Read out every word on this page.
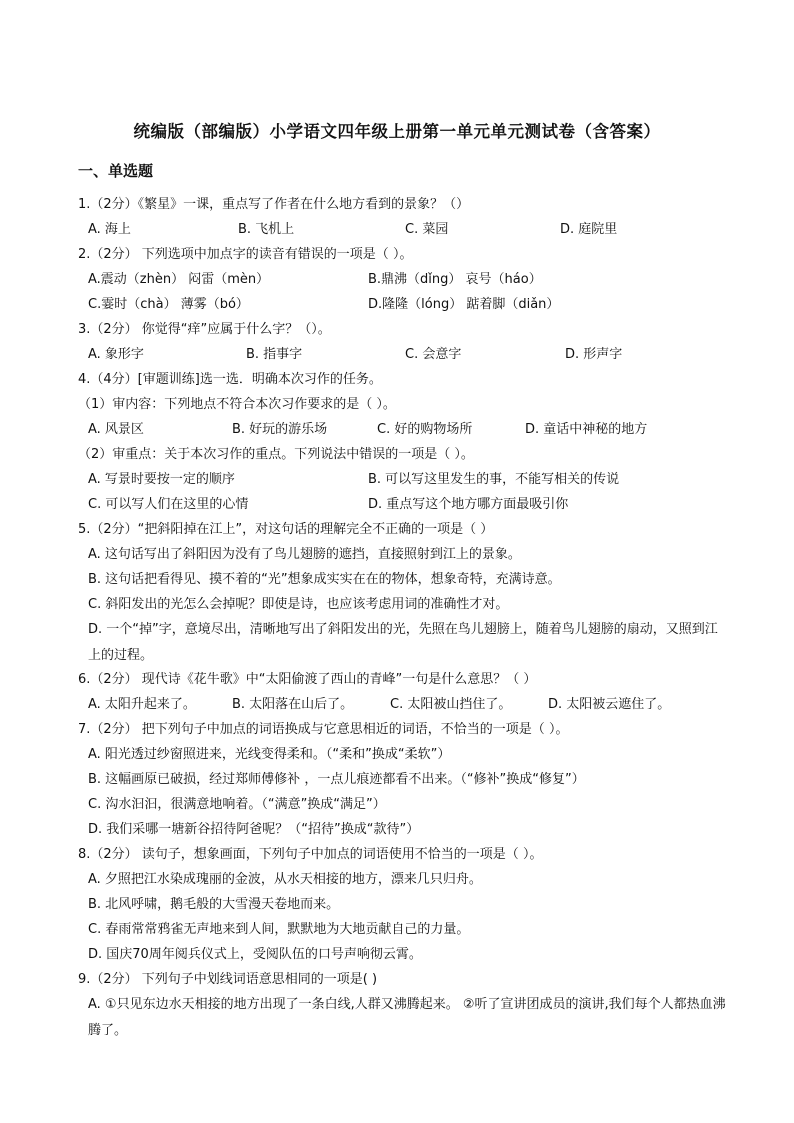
统编版（部编版）小学语文四年级上册第一单元单元测试卷（含答案）
一、单选题
1.（2分）《繁星》一课，重点写了作者在什么地方看到的景象？（）
A. 海上	B. 飞机上	C. 菜园	D. 庭院里
2.（2分） 下列选项中加点字的读音有错误的一项是（ ）。
A.震动（zhèn） 闷雷（mèn）	B.鼎沸（dǐng） 哀号（háo）
C.霎时（chà） 薄雾（bó）	D.隆隆（lóng） 踮着脚（diǎn）
3.（2分） 你觉得“痒”应属于什么字？（）。
A. 象形字	B. 指事字	C. 会意字	D. 形声字
4.（4分）[审题训练]选一选．明确本次习作的任务。
（1）审内容：下列地点不符合本次习作要求的是（ ）。
A. 风景区	B. 好玩的游乐场	C. 好的购物场所	D. 童话中神秘的地方
（2）审重点：关于本次习作的重点。下列说法中错误的一项是（ ）。
A. 写景时要按一定的顺序	B. 可以写这里发生的事，不能写相关的传说
C. 可以写人们在这里的心情	D. 重点写这个地方哪方面最吸引你
5.（2分）“把斜阳掉在江上”，对这句话的理解完全不正确的一项是（ ）
A. 这句话写出了斜阳因为没有了鸟儿翅膀的遮挡，直接照射到江上的景象。
B. 这句话把看得见、摸不着的“光”想象成实实在在的物体，想象奇特，充满诗意。
C. 斜阳发出的光怎么会掉呢？即使是诗，也应该考虑用词的准确性才对。
D. 一个“掉”字，意境尽出，清晰地写出了斜阳发出的光，先照在鸟儿翅膀上，随着鸟儿翅膀的扇动，又照到江上的过程。
6.（2分） 现代诗《花牛歌》中“太阳偷渡了西山的青峰”一句是什么意思？（ ）
A. 太阳升起来了。	B. 太阳落在山后了。	C. 太阳被山挡住了。	D. 太阳被云遮住了。
7.（2分） 把下列句子中加点的词语换成与它意思相近的词语，不恰当的一项是（ ）。
A. 阳光透过纱窗照进来，光线变得柔和。（“柔和”换成“柔软”）
B. 这幅画原已破损，经过郑师傅修补 ，一点儿痕迹都看不出来。（“修补”换成“修复”）
C. 沟水汩汩，很满意地响着。（“满意”换成“满足”）
D. 我们采哪一塘新谷招待阿爸呢？（“招待”换成“款待”）
8.（2分） 读句子，想象画面，下列句子中加点的词语使用不恰当的一项是（ ）。
A. 夕照把江水染成瑰丽的金波，从水天相接的地方，漂来几只归舟。
B. 北风呼啸，鹅毛般的大雪漫天卷地而来。
C. 春雨常常鸦雀无声地来到人间，默默地为大地贡献自己的力量。
D. 国庆70周年阅兵仪式上，受阅队伍的口号声响彻云霄。
9.（2分） 下列句子中划线词语意思相同的一项是( )
A. ①只见东边水天相接的地方出现了一条白线,人群又沸腾起来。 ②听了宣讲团成员的演讲,我们每个人都热血沸腾了。
